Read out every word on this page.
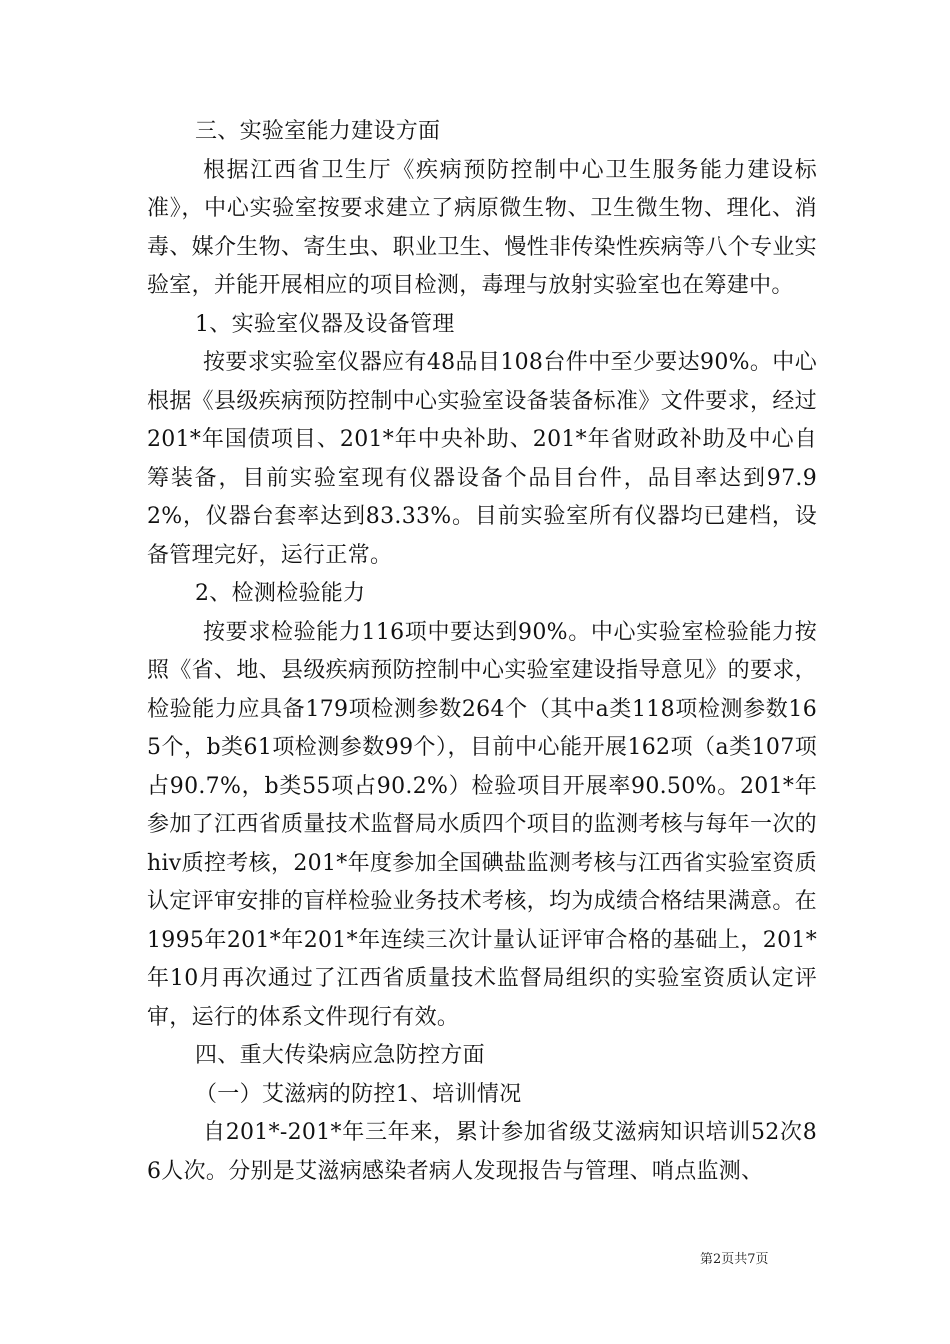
三、实验室能力建设方面

根据江西省卫生厅《疾病预防控制中心卫生服务能力建设标准》，中心实验室按要求建立了病原微生物、卫生微生物、理化、消毒、媒介生物、寄生虫、职业卫生、慢性非传染性疾病等八个专业实验室，并能开展相应的项目检测，毒理与放射实验室也在筹建中。

1、实验室仪器及设备管理

按要求实验室仪器应有48品目108台件中至少要达90%。中心根据《县级疾病预防控制中心实验室设备装备标准》文件要求，经过201*年国债项目、201*年中央补助、201*年省财政补助及中心自筹装备，目前实验室现有仪器设备个品目台件，品目率达到97.92%，仪器台套率达到83.33%。目前实验室所有仪器均已建档，设备管理完好，运行正常。

2、检测检验能力

按要求检验能力116项中要达到90%。中心实验室检验能力按照《省、地、县级疾病预防控制中心实验室建设指导意见》的要求，检验能力应具备179项检测参数264个（其中a类118项检测参数165个，b类61项检测参数99个），目前中心能开展162项（a类107项占90.7%，b类55项占90.2%）检验项目开展率90.50%。201*年参加了江西省质量技术监督局水质四个项目的监测考核与每年一次的hiv质控考核，201*年度参加全国碘盐监测考核与江西省实验室资质认定评审安排的盲样检验业务技术考核，均为成绩合格结果满意。在1995年201*年201*年连续三次计量认证评审合格的基础上，201*年10月再次通过了江西省质量技术监督局组织的实验室资质认定评审，运行的体系文件现行有效。

四、重大传染病应急防控方面

（一）艾滋病的防控1、培训情况

自201*-201*年三年来，累计参加省级艾滋病知识培训52次86人次。分别是艾滋病感染者病人发现报告与管理、哨点监测、

第2页共7页
